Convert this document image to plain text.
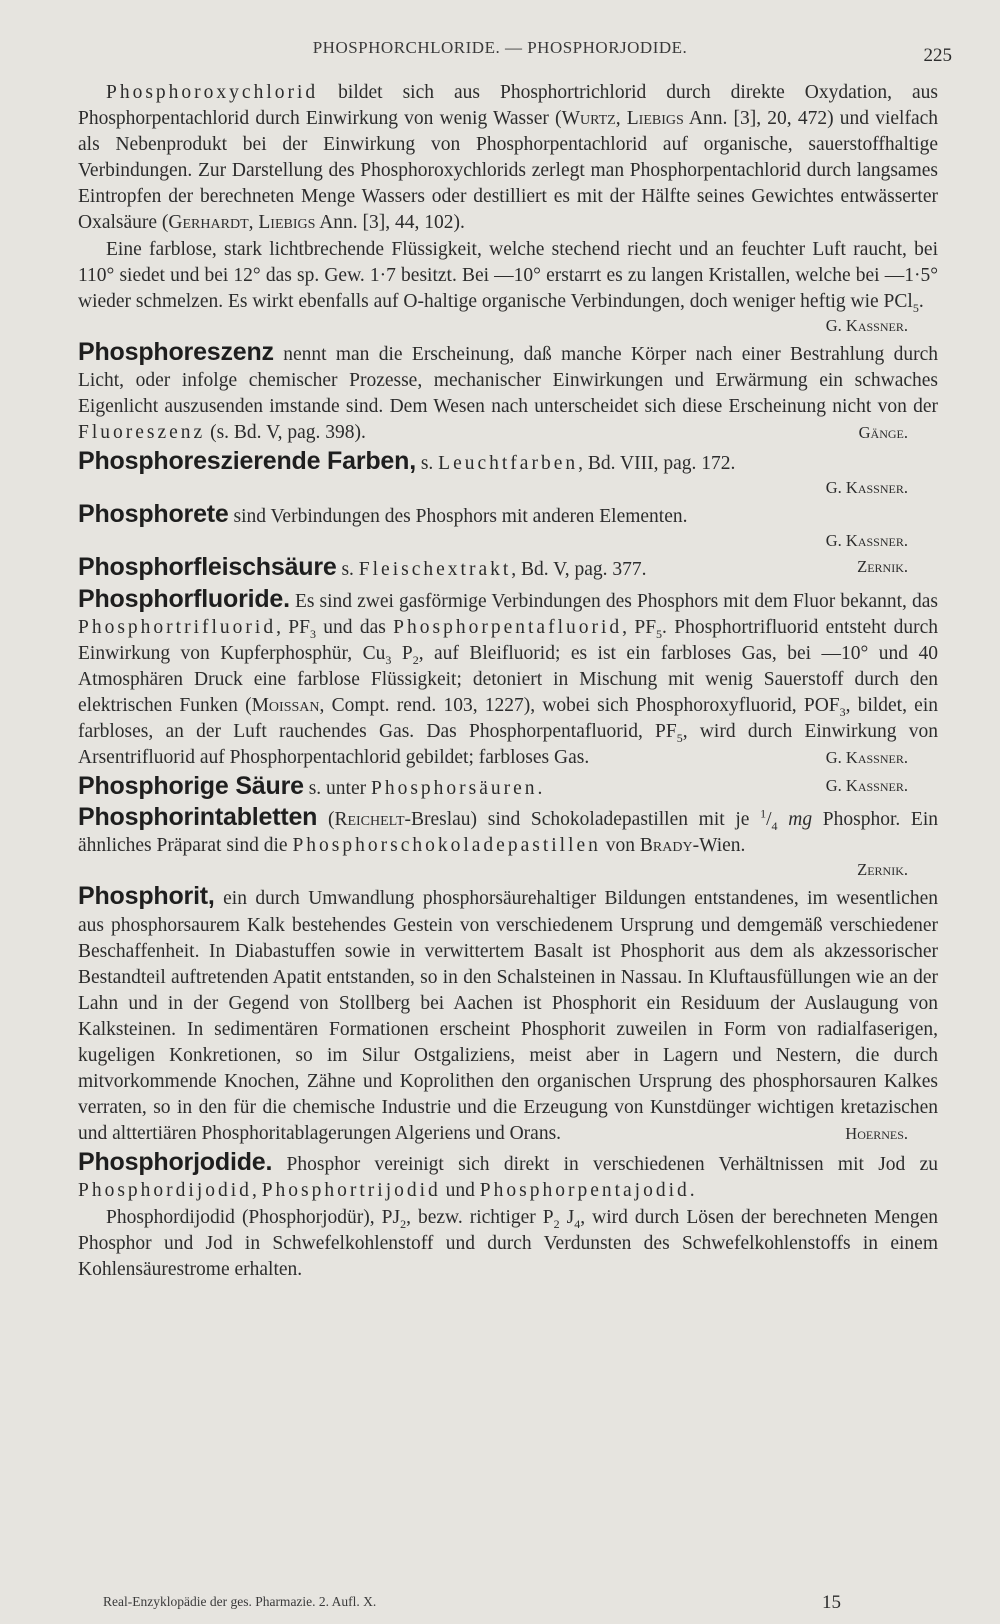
PHOSPHORCHLORIDE. — PHOSPHORJODIDE.	225

Phosphoroxychlorid bildet sich aus Phosphortrichlorid durch direkte Oxydation, aus Phosphorpentachlorid durch Einwirkung von wenig Wasser (Wurtz, Liebigs Ann. [3], 20, 472) und vielfach als Nebenprodukt bei der Einwirkung von Phosphorpentachlorid auf organische, sauerstoffhaltige Verbindungen. Zur Darstellung des Phosphoroxychlorids zerlegt man Phosphorpentachlorid durch langsames Eintropfen der berechneten Menge Wassers oder destilliert es mit der Hälfte seines Gewichtes entwässerter Oxalsäure (Gerhardt, Liebigs Ann. [3], 44, 102).

Eine farblose, stark lichtbrechende Flüssigkeit, welche stechend riecht und an feuchter Luft raucht, bei 110° siedet und bei 12° das sp. Gew. 1·7 besitzt. Bei —10° erstarrt es zu langen Kristallen, welche bei —1·5° wieder schmelzen. Es wirkt ebenfalls auf O-haltige organische Verbindungen, doch weniger heftig wie PCl$_5$.

G. Kassner.

Phosphoreszenz nennt man die Erscheinung, daß manche Körper nach einer Bestrahlung durch Licht, oder infolge chemischer Prozesse, mechanischer Einwirkungen und Erwärmung ein schwaches Eigenlicht auszusenden imstande sind. Dem Wesen nach unterscheidet sich diese Erscheinung nicht von der Fluoreszenz (s. Bd. V, pag. 398).	Gänge.

Phosphoreszierende Farben, s. Leuchtfarben, Bd. VIII, pag. 172.

G. Kassner.

Phosphorete sind Verbindungen des Phosphors mit anderen Elementen.

G. Kassner.

Phosphorfleischsäure s. Fleischextrakt, Bd. V, pag. 377.	Zernik.

Phosphorfluoride. Es sind zwei gasförmige Verbindungen des Phosphors mit dem Fluor bekannt, das Phosphortrifluorid, $PF_3$ und das Phosphorpentafluorid, $PF_5$. Phosphortrifluorid entsteht durch Einwirkung von Kupferphosphür, $Cu_3$ $P_2$, auf Bleifluorid; es ist ein farbloses Gas, bei —10° und 40 Atmosphären Druck eine farblose Flüssigkeit; detoniert in Mischung mit wenig Sauerstoff durch den elektrischen Funken (Moissan, Compt. rend. 103, 1227), wobei sich Phosphoroxyfluorid, $POF_3$, bildet, ein farbloses, an der Luft rauchendes Gas. Das Phosphorpentafluorid, $PF_5$, wird durch Einwirkung von Arsentrifluorid auf Phosphorpentachlorid gebildet; farbloses Gas.	G. Kassner.

Phosphorige Säure s. unter Phosphorsäuren.	G. Kassner.

Phosphorintabletten (Reichelt-Breslau) sind Schokoladepastillen mit je $^1/_4$ mg Phosphor. Ein ähnliches Präparat sind die Phosphorschokoladepastillen von Brady-Wien.

Zernik.

Phosphorit, ein durch Umwandlung phosphorsäurehaltiger Bildungen entstandenes, im wesentlichen aus phosphorsaurem Kalk bestehendes Gestein von verschiedenem Ursprung und demgemäß verschiedener Beschaffenheit. In Diabastuffen sowie in verwittertem Basalt ist Phosphorit aus dem als akzessorischer Bestandteil auftretenden Apatit entstanden, so in den Schalsteinen in Nassau. In Kluftausfüllungen wie an der Lahn und in der Gegend von Stollberg bei Aachen ist Phosphorit ein Residuum der Auslaugung von Kalksteinen. In sedimentären Formationen erscheint Phosphorit zuweilen in Form von radialfaserigen, kugeligen Konkretionen, so im Silur Ostgaliziens, meist aber in Lagern und Nestern, die durch mitvorkommende Knochen, Zähne und Koprolithen den organischen Ursprung des phosphorsauren Kalkes verraten, so in den für die chemische Industrie und die Erzeugung von Kunstdünger wichtigen kretazischen und alttertiären Phosphoritablagerungen Algeriens und Orans.	Hoernes.

Phosphorjodide. Phosphor vereinigt sich direkt in verschiedenen Verhältnissen mit Jod zu Phosphordijodid, Phosphortrijodid und Phosphorpentajodid.

Phosphordijodid (Phosphorjodür), $PJ_2$, bezw. richtiger $P_2$ $J_4$, wird durch Lösen der berechneten Mengen Phosphor und Jod in Schwefelkohlenstoff und durch Verdunsten des Schwefelkohlenstoffs in einem Kohlensäurestrome erhalten.

Real-Enzyklopädie der ges. Pharmazie. 2. Aufl. X.	15
